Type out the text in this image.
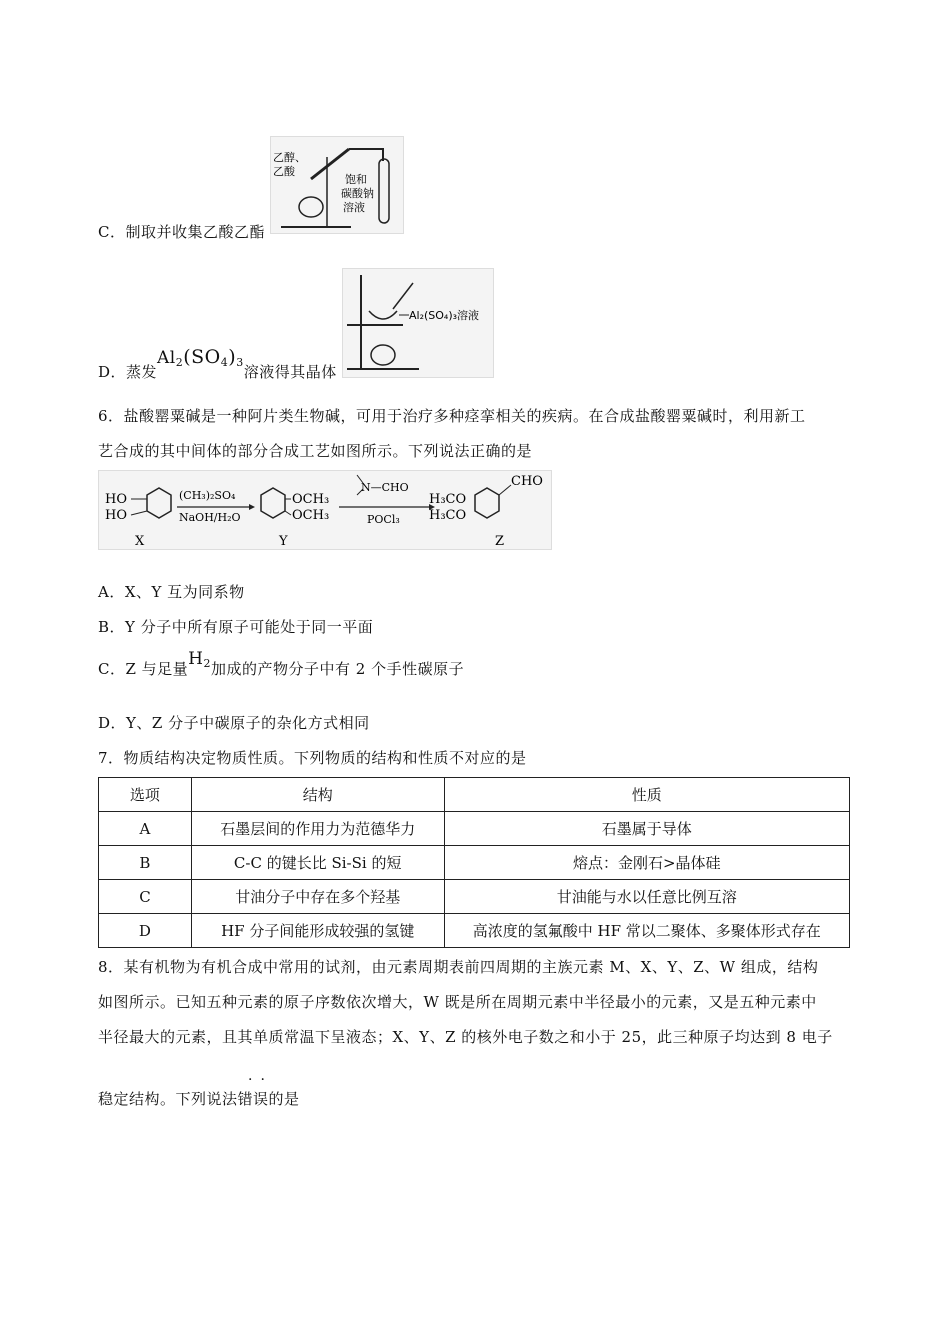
乙醇、
乙酸
饱和
碳酸钠
溶液
C．制取并收集乙酸乙酯
Al₂(SO₄)₃溶液
D．蒸发$Al_2(SO_4)_3$溶液得其晶体
6．盐酸罂粟碱是一种阿片类生物碱，可用于治疗多种痉挛相关的疾病。在合成盐酸罂粟碱时，利用新工
艺合成的其中间体的部分合成工艺如图所示。下列说法正确的是
HO
HO
(CH₃)₂SO₄
NaOH/H₂O
OCH₃
OCH₃
N—CHO
POCl₃
H₃CO
H₃CO
CHO
X	Y	Z
A．X、Y 互为同系物
B．Y 分子中所有原子可能处于同一平面
C．Z 与足量$H_2$加成的产物分子中有 2 个手性碳原子
D．Y、Z 分子中碳原子的杂化方式相同
7．物质结构决定物质性质。下列物质的结构和性质不对应的是
选项	结构	性质
A	石墨层间的作用力为范德华力	石墨属于导体
B	C-C 的键长比 Si-Si 的短	熔点：金刚石>晶体硅
C	甘油分子中存在多个羟基	甘油能与水以任意比例互溶
D	HF 分子间能形成较强的氢键	高浓度的氢氟酸中 HF 常以二聚体、多聚体形式存在
8．某有机物为有机合成中常用的试剂，由元素周期表前四周期的主族元素 M、X、Y、Z、W 组成，结构
如图所示。已知五种元素的原子序数依次增大，W 既是所在周期元素中半径最小的元素，又是五种元素中
半径最大的元素，且其单质常温下呈液态；X、Y、Z 的核外电子数之和小于 25，此三种原子均达到 8 电子
··
稳定结构。下列说法错误的是
